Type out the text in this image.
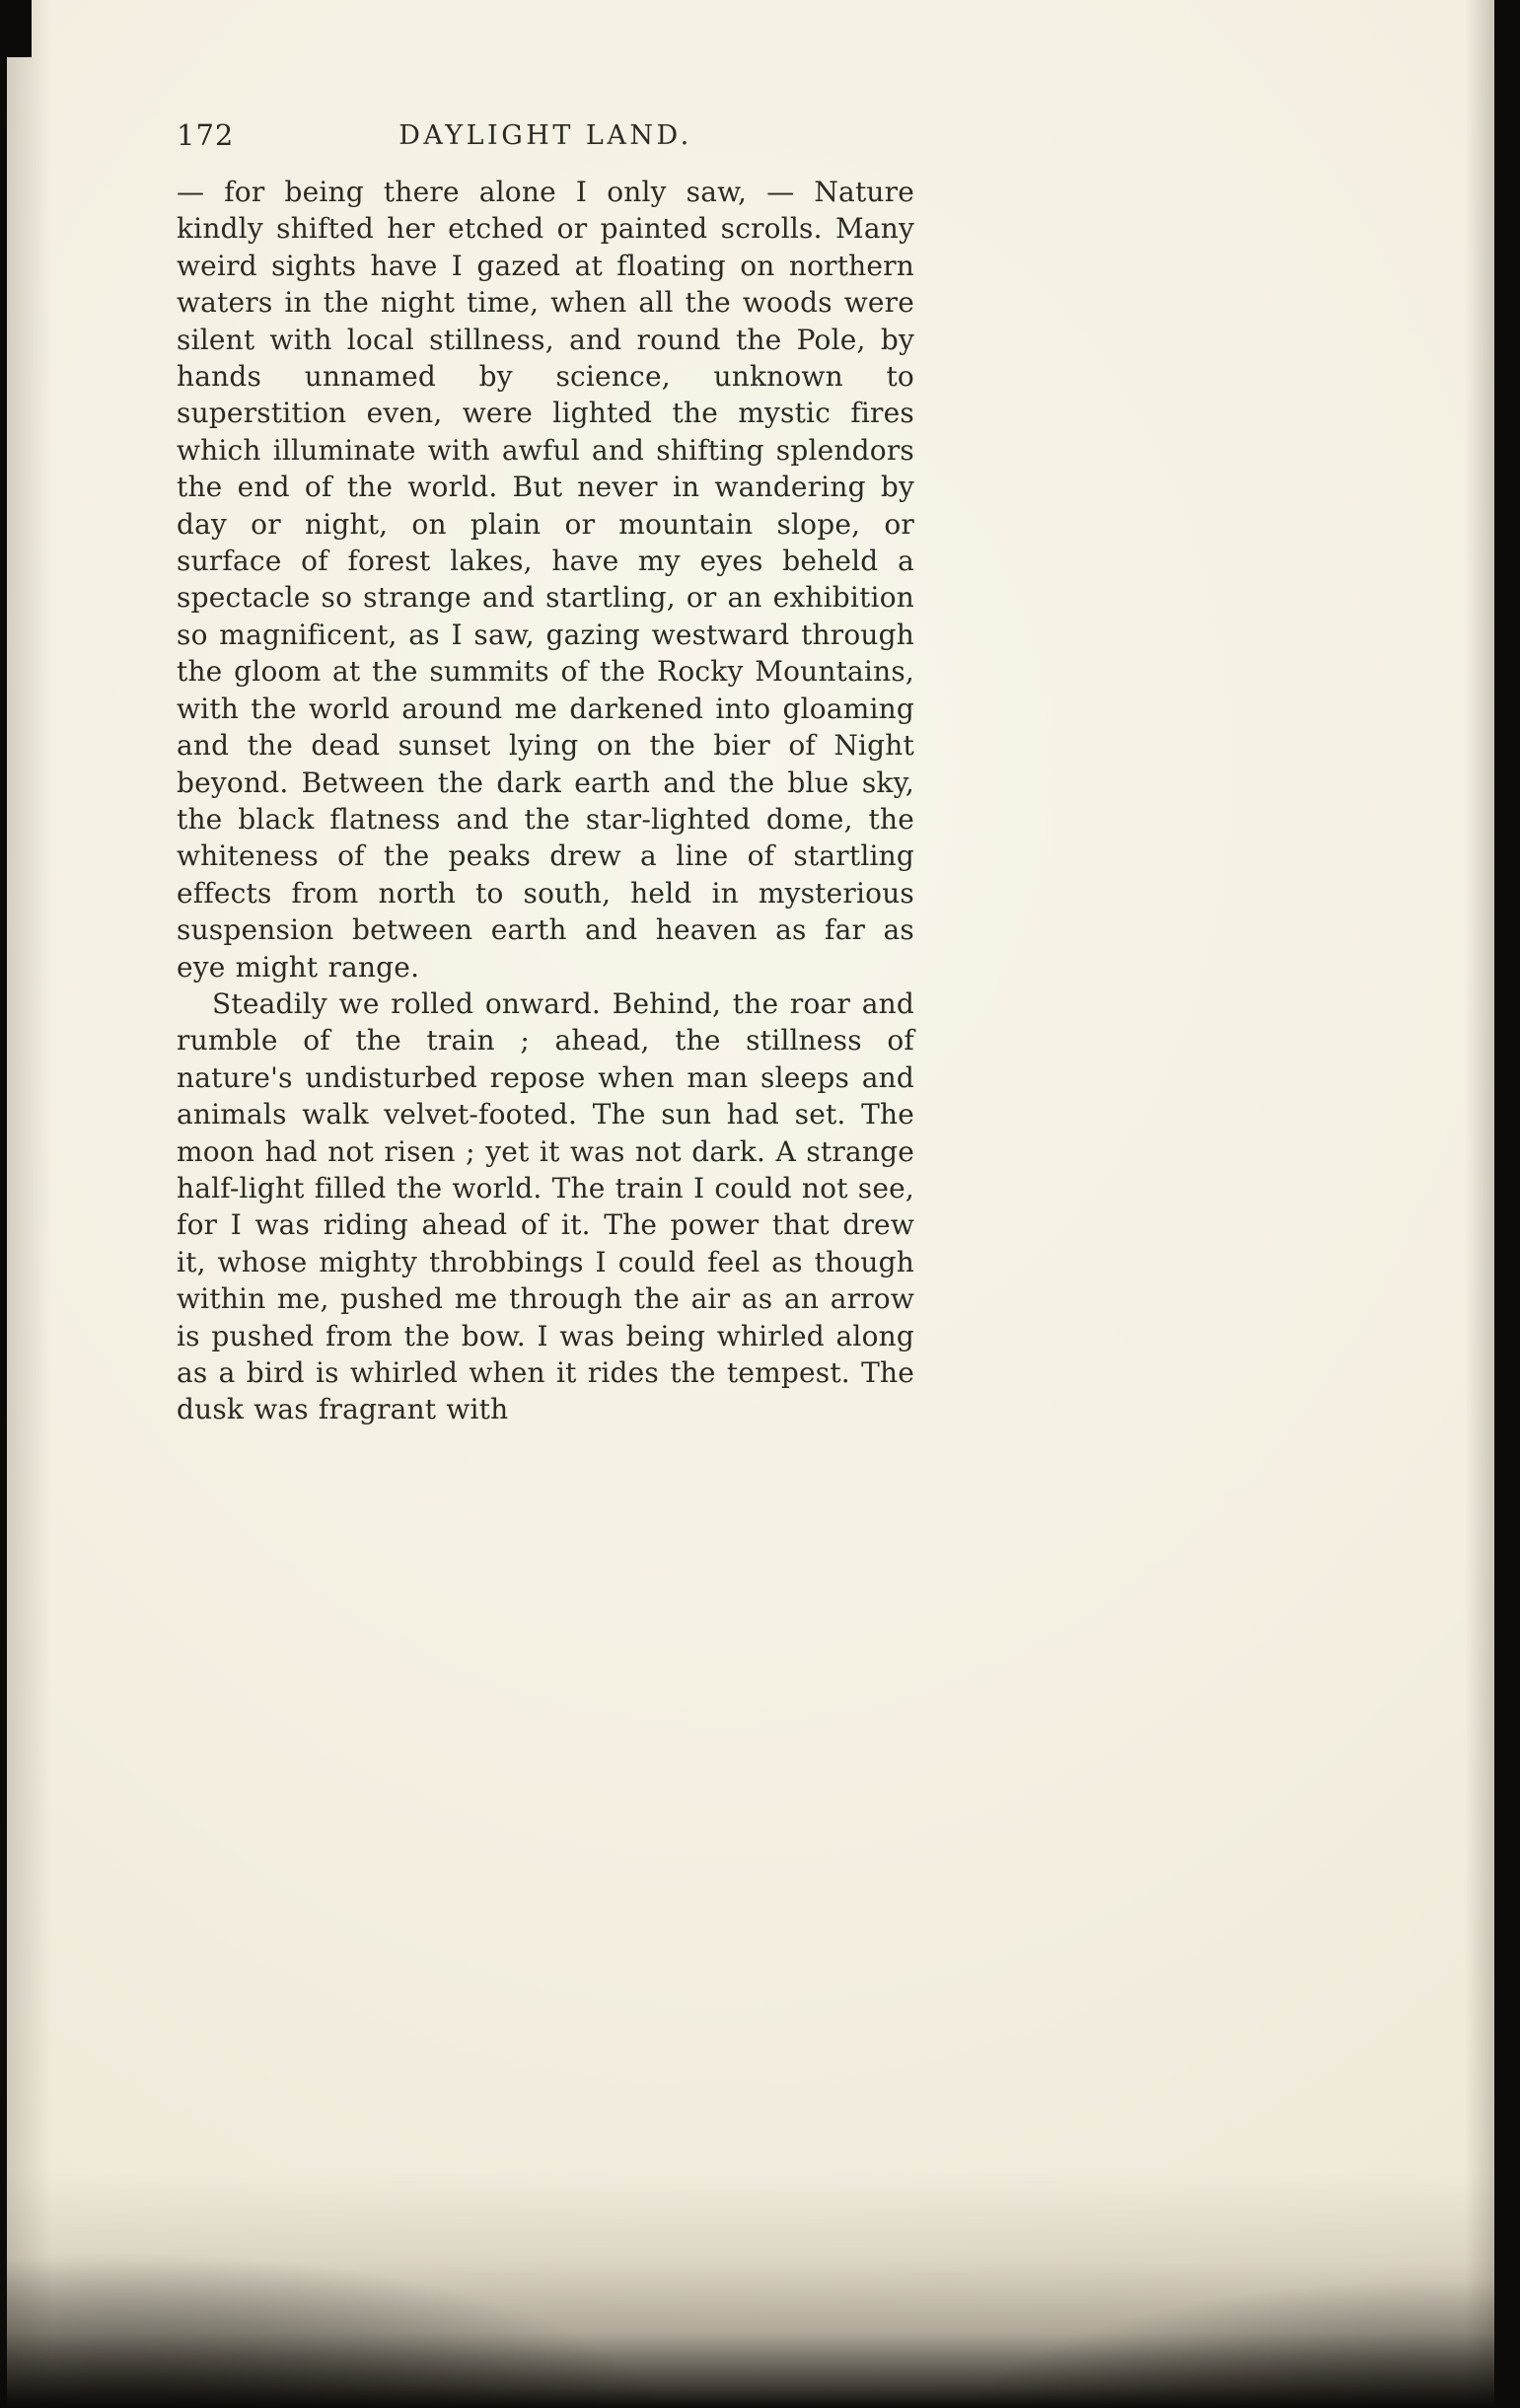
172	DAYLIGHT LAND.

— for being there alone I only saw, — Nature kindly shifted her etched or painted scrolls. Many weird sights have I gazed at floating on northern waters in the night time, when all the woods were silent with local stillness, and round the Pole, by hands unnamed by science, unknown to superstition even, were lighted the mystic fires which illuminate with awful and shifting splendors the end of the world. But never in wandering by day or night, on plain or mountain slope, or surface of forest lakes, have my eyes beheld a spectacle so strange and startling, or an exhibition so magnificent, as I saw, gazing westward through the gloom at the summits of the Rocky Mountains, with the world around me darkened into gloaming and the dead sunset lying on the bier of Night beyond. Between the dark earth and the blue sky, the black flatness and the star-lighted dome, the whiteness of the peaks drew a line of startling effects from north to south, held in mysterious suspension between earth and heaven as far as eye might range.

Steadily we rolled onward. Behind, the roar and rumble of the train ; ahead, the stillness of nature's undisturbed repose when man sleeps and animals walk velvet-footed. The sun had set. The moon had not risen ; yet it was not dark. A strange half-light filled the world. The train I could not see, for I was riding ahead of it. The power that drew it, whose mighty throbbings I could feel as though within me, pushed me through the air as an arrow is pushed from the bow. I was being whirled along as a bird is whirled when it rides the tempest. The dusk was fragrant with
